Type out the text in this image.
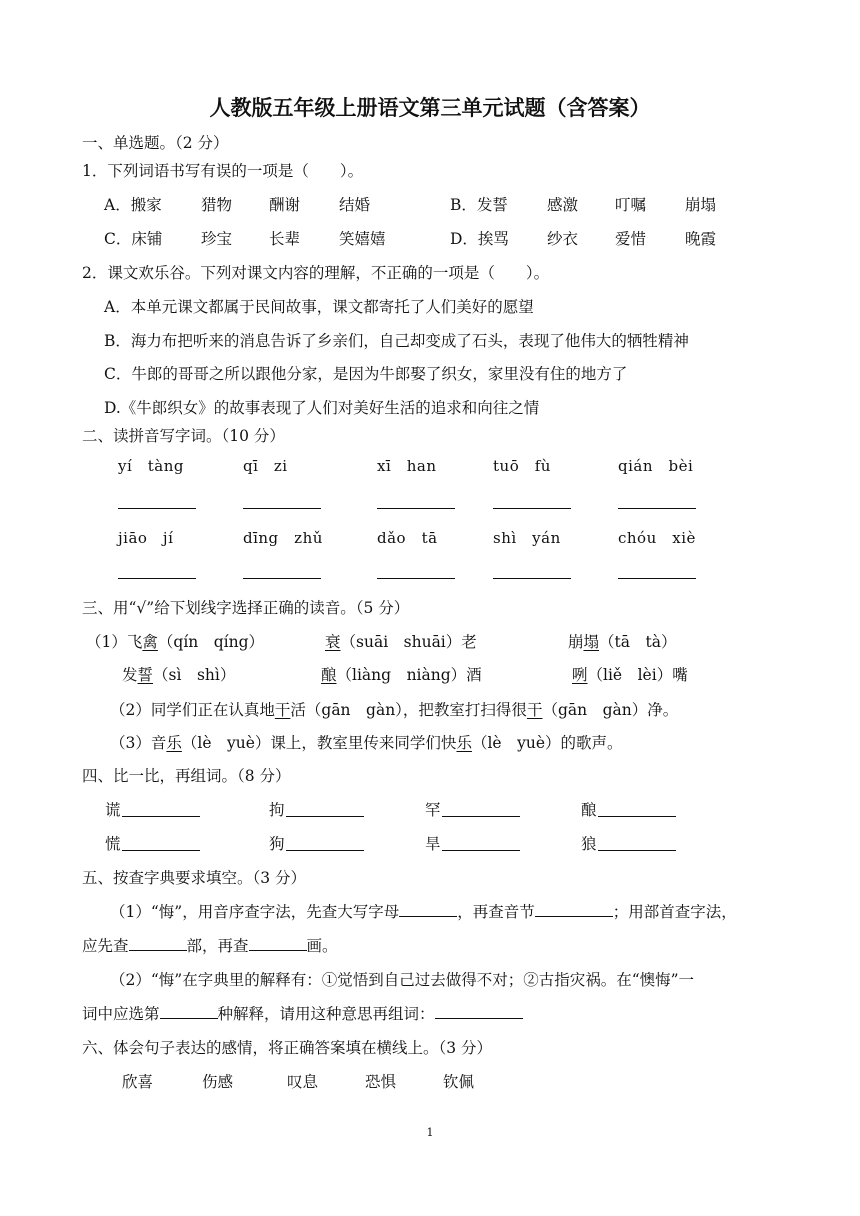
人教版五年级上册语文第三单元试题（含答案）
一、单选题。（2 分）
1．下列词语书写有误的一项是（　　）。
A．搬家	猎物 酬谢	结婚	B．发誓	感激 叮嘱	崩塌
C．床铺 珍宝 长辈	笑嬉嬉	D．挨骂 纱衣 爱惜	晚霞
2．课文欢乐谷。下列对课文内容的理解，不正确的一项是（　　）。
A．本单元课文都属于民间故事，课文都寄托了人们美好的愿望
B．海力布把听来的消息告诉了乡亲们，自己却变成了石头，表现了他伟大的牺牲精神
C．牛郎的哥哥之所以跟他分家，是因为牛郎娶了织女，家里没有住的地方了
D.《牛郎织女》的故事表现了人们对美好生活的追求和向往之情
二、读拼音写字词。（10 分）
yí　tàng	qī　zi	xī　han	tuō　fù	qián　bèi
jiāo　jí	dīng　zhǔ	dǎo　tā	shì　yán	chóu　xiè
三、用“√”给下划线字选择正确的读音。（5 分）
（1）飞禽（qín　qíng）	衰（suāi　shuāi）老	崩塌（tā　tà）
发誓（sì　shì）	酿（liàng　niàng）酒	咧（liě　lèi）嘴
（2）同学们正在认真地干活（gān　gàn），把教室打扫得很干（gān　gàn）净。
（3）音乐（lè　yuè）课上，教室里传来同学们快乐（lè　yuè）的歌声。
四、比一比，再组词。（8 分）
谎	拘	罕	酿
慌	狗	旱	狼
五、按查字典要求填空。（3 分）
（1）“悔”，用音序查字法，先查大写字母	，再查音节	；用部首查字法，
应先查	部，再查	画。
（2）“悔”在字典里的解释有：①觉悟到自己过去做得不对；②古指灾祸。在“懊悔”一
词中应选第	种解释，请用这种意思再组词：
六、体会句子表达的感情，将正确答案填在横线上。（3 分）
欣喜	伤感	叹息	恐惧	钦佩
1
